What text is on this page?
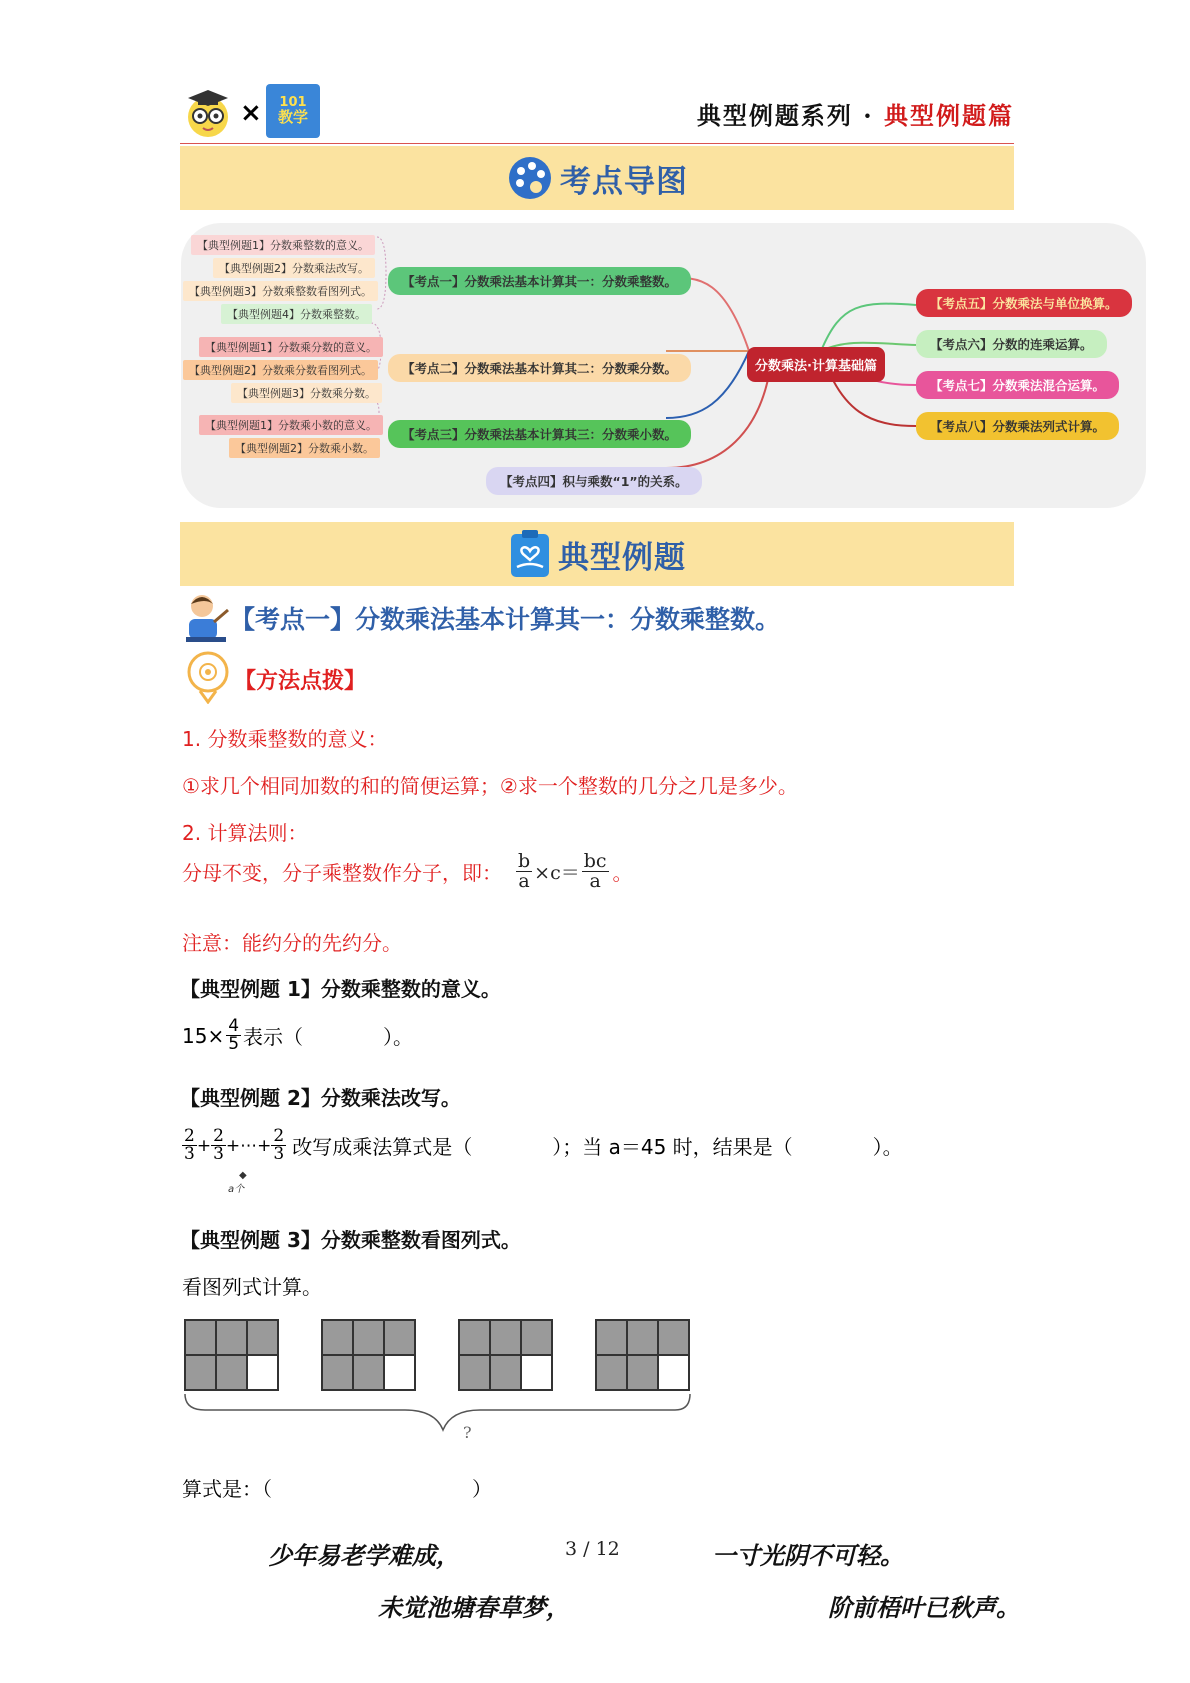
× 101
教学	典型例题系列 · 典型例题篇
考点导图
【典型例题1】分数乘整数的意义。
【典型例题2】分数乘法改写。
【典型例题3】分数乘整数看图列式。
【典型例题4】分数乘整数。
【典型例题1】分数乘分数的意义。
【典型例题2】分数乘分数看图列式。
【典型例题3】分数乘分数。
【典型例题1】分数乘小数的意义。
【典型例题2】分数乘小数。
【考点一】分数乘法基本计算其一：分数乘整数。
【考点二】分数乘法基本计算其二：分数乘分数。
【考点三】分数乘法基本计算其三：分数乘小数。
【考点四】积与乘数“1”的关系。
分数乘法·计算基础篇
【考点五】分数乘法与单位换算。
【考点六】分数的连乘运算。
【考点七】分数乘法混合运算。
【考点八】分数乘法列式计算。
典型例题
【考点一】分数乘法基本计算其一：分数乘整数。
【方法点拨】
1. 分数乘整数的意义：
①求几个相同加数的和的简便运算；②求一个整数的几分之几是多少。
2. 计算法则：
分母不变，分子乘整数作分子，即： $\frac{b}{a} \times c= \frac{bc}{a}$ 。
注意：能约分的先约分。
【典型例题 1】分数乘整数的意义。
$15\times \frac{4}{5}$ 表示（　　　　）。
【典型例题 2】分数乘法改写。
$\frac{2}{3} + \frac{2}{3}$ + ⋯+ $\frac{2}{3}$ 改写成乘法算式是（　　　　）；当 a＝45 时，结果是（　　　　）。
◆
a个
【典型例题 3】分数乘整数看图列式。
看图列式计算。
?
算式是：（　　　　　　　　　　）
少年易老学难成，	3 / 12	一寸光阴不可轻。
未觉池塘春草梦，	阶前梧叶已秋声。
